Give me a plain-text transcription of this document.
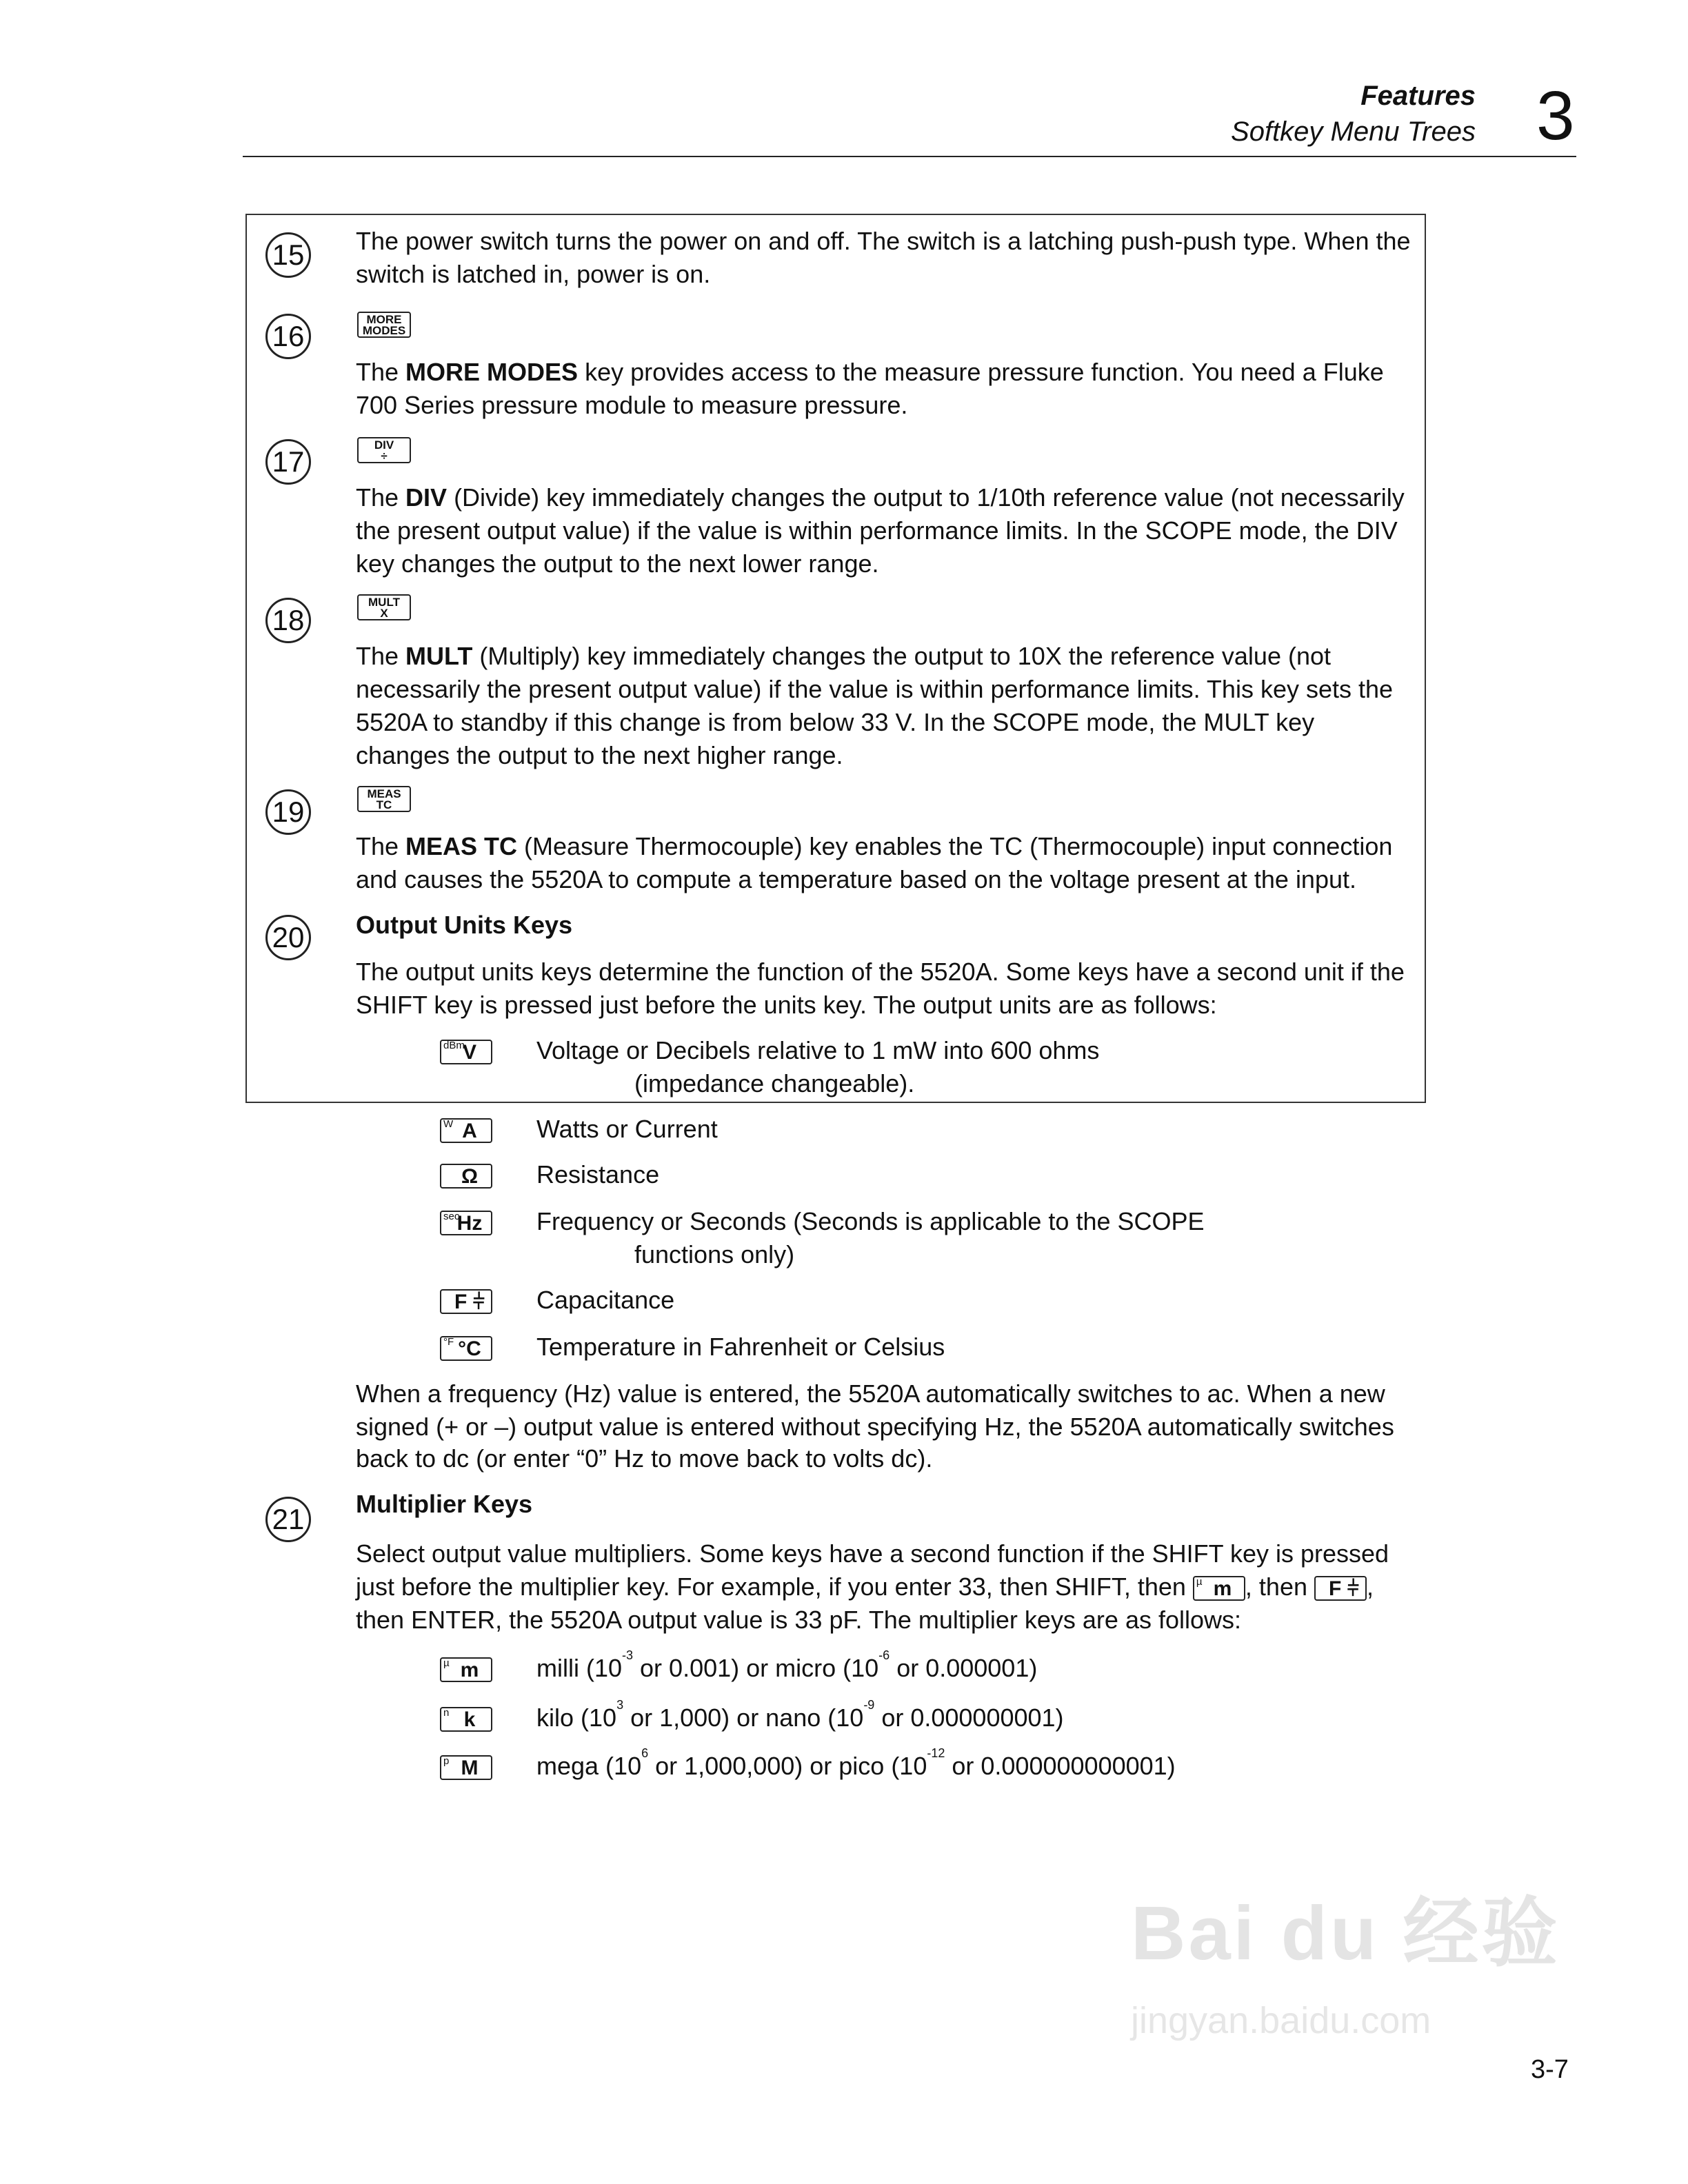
Features
Softkey Menu Trees 3
15 The power switch turns the power on and off. The switch is a latching push-push type. When the
switch is latched in, power is on.
16
MORE
MODES
The MORE MODES key provides access to the measure pressure function. You need a Fluke
700 Series pressure module to measure pressure.
17
DIV
÷
The DIV (Divide) key immediately changes the output to 1/10th reference value (not necessarily
the present output value) if the value is within performance limits. In the SCOPE mode, the DIV
key changes the output to the next lower range.
18
MULT
X
The MULT (Multiply) key immediately changes the output to 10X the reference value (not
necessarily the present output value) if the value is within performance limits. This key sets the
5520A to standby if this change is from below 33 V. In the SCOPE mode, the MULT key
changes the output to the next higher range.
19
MEAS
TC
The MEAS TC (Measure Thermocouple) key enables the TC (Thermocouple) input connection
and causes the 5520A to compute a temperature based on the voltage present at the input.
20 Output Units Keys
The output units keys determine the function of the 5520A. Some keys have a second unit if the
SHIFT key is pressed just before the units key. The output units are as follows:
dBm
V	Voltage or Decibels relative to 1 mW into 600 ohms
(impedance changeable).
W A	Watts or Current
Ω	Resistance
sec
Hz	Frequency or Seconds (Seconds is applicable to the SCOPE
functions only)
F ⫩	Capacitance
°F °C	Temperature in Fahrenheit or Celsius
When a frequency (Hz) value is entered, the 5520A automatically switches to ac. When a new
signed (+ or –) output value is entered without specifying Hz, the 5520A automatically switches
back to dc (or enter “0” Hz to move back to volts dc).
21 Multiplier Keys
Select output value multipliers. Some keys have a second function if the SHIFT key is pressed
just before the multiplier key. For example, if you enter 33, then SHIFT, then µ m , then F ⫩ ,
then ENTER, the 5520A output value is 33 pF. The multiplier keys are as follows:
µ m	milli ($10^{-3}$ or 0.001) or micro ($10^{-6}$ or 0.000001)
n k	kilo ($10^3$ or 1,000) or nano ($10^{-9}$ or 0.000000001)
p M	mega ($10^6$ or 1,000,000) or pico ($10^{-12}$ or 0.000000000001)
Bai du 经验
jingyan.baidu.com
3-7
